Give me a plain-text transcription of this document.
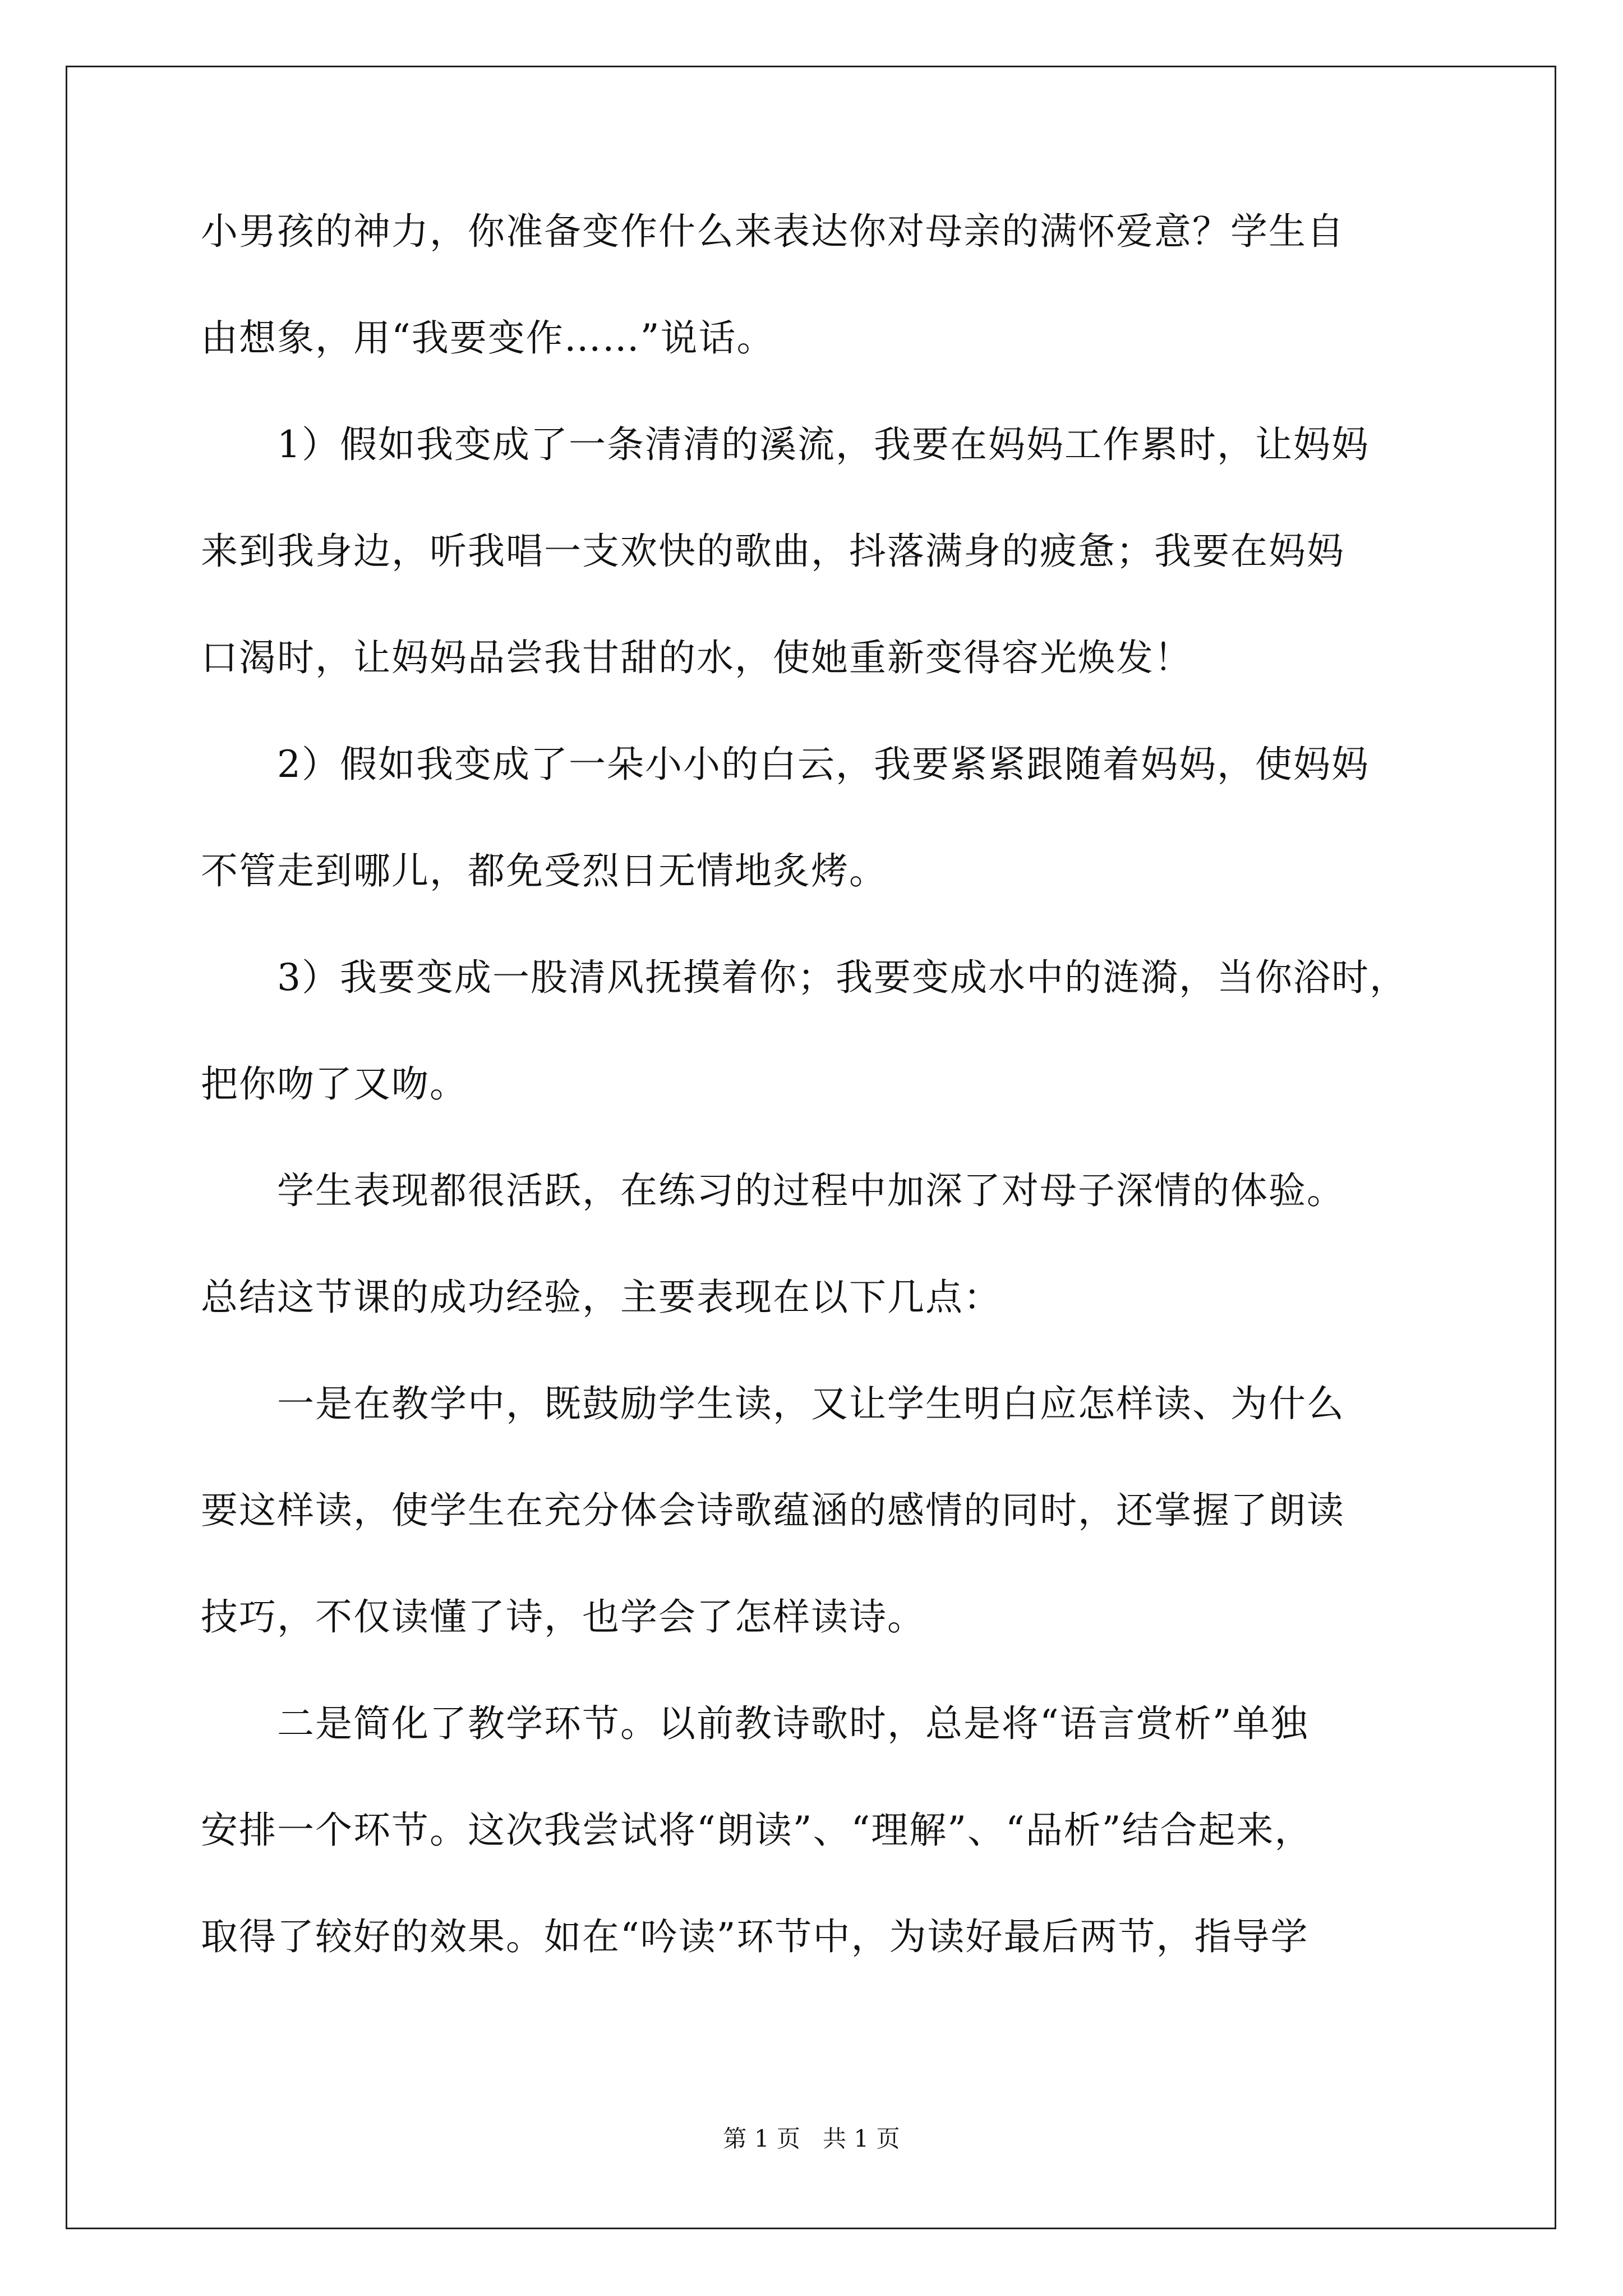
小男孩的神力，你准备变作什么来表达你对母亲的满怀爱意？学生自
由想象，用“我要变作……”说话。
1）假如我变成了一条清清的溪流，我要在妈妈工作累时，让妈妈
来到我身边，听我唱一支欢快的歌曲，抖落满身的疲惫；我要在妈妈
口渴时，让妈妈品尝我甘甜的水，使她重新变得容光焕发！
2）假如我变成了一朵小小的白云，我要紧紧跟随着妈妈，使妈妈
不管走到哪儿，都免受烈日无情地炙烤。
3）我要变成一股清风抚摸着你；我要变成水中的涟漪，当你浴时，
把你吻了又吻。
学生表现都很活跃，在练习的过程中加深了对母子深情的体验。
总结这节课的成功经验，主要表现在以下几点：
一是在教学中，既鼓励学生读，又让学生明白应怎样读、为什么
要这样读，使学生在充分体会诗歌蕴涵的感情的同时，还掌握了朗读
技巧，不仅读懂了诗，也学会了怎样读诗。
二是简化了教学环节。以前教诗歌时，总是将“语言赏析”单独
安排一个环节。这次我尝试将“朗读”、“理解”、“品析”结合起来，
取得了较好的效果。如在“吟读”环节中，为读好最后两节，指导学
第 1 页   共 1 页
